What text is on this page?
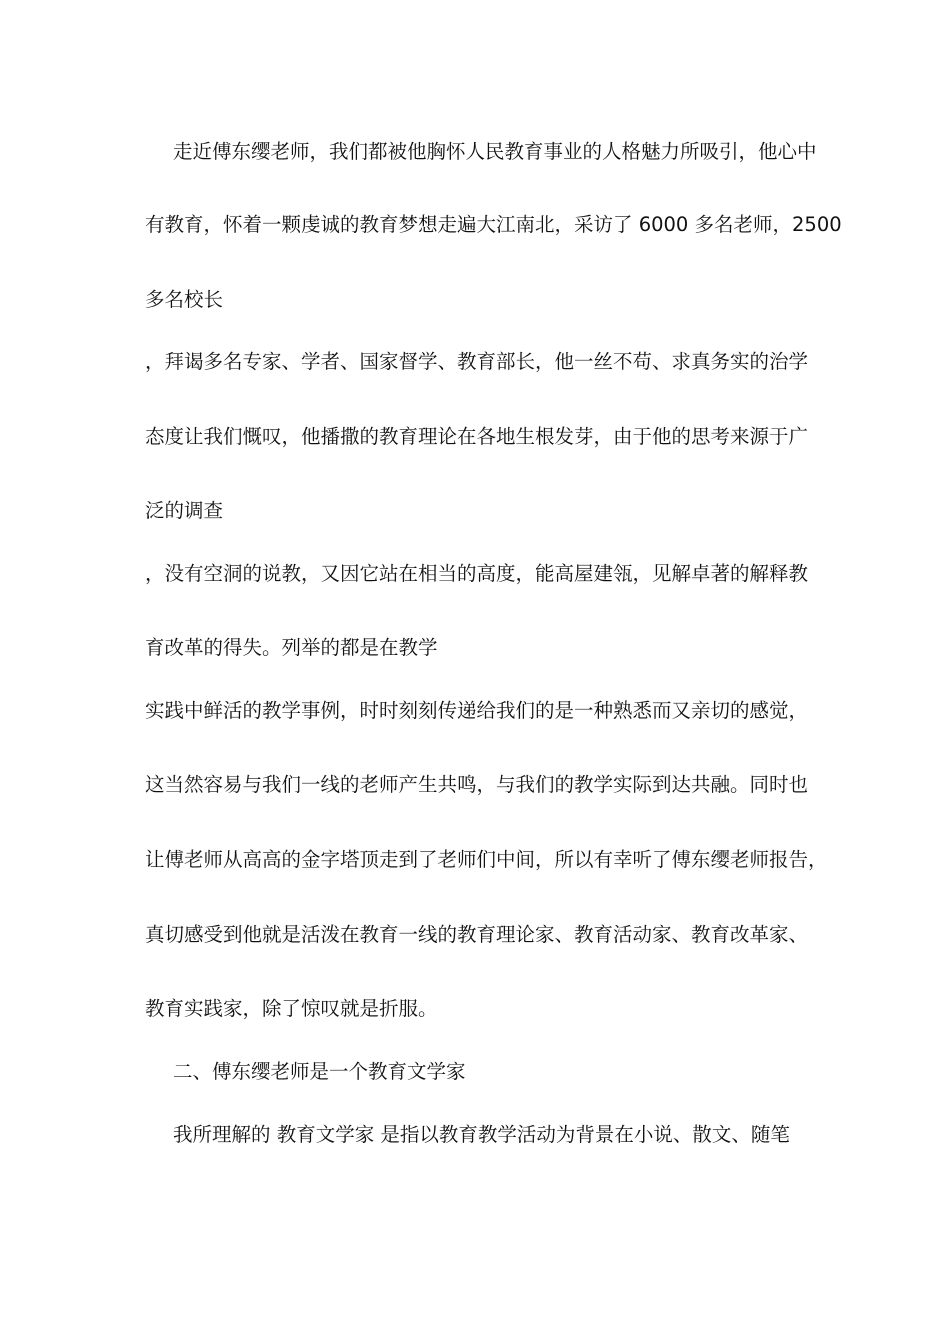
走近傅东缨老师，我们都被他胸怀人民教育事业的人格魅力所吸引，他心中
有教育，怀着一颗虔诚的教育梦想走遍大江南北，采访了 6000 多名老师，2500
多名校长
，拜谒多名专家、学者、国家督学、教育部长，他一丝不苟、求真务实的治学
态度让我们慨叹，他播撒的教育理论在各地生根发芽，由于他的思考来源于广
泛的调查
，没有空洞的说教，又因它站在相当的高度，能高屋建瓴，见解卓著的解释教
育改革的得失。列举的都是在教学
实践中鲜活的教学事例，时时刻刻传递给我们的是一种熟悉而又亲切的感觉，
这当然容易与我们一线的老师产生共鸣，与我们的教学实际到达共融。同时也
让傅老师从高高的金字塔顶走到了老师们中间，所以有幸听了傅东缨老师报告，
真切感受到他就是活泼在教育一线的教育理论家、教育活动家、教育改革家、
教育实践家，除了惊叹就是折服。
二、傅东缨老师是一个教育文学家
我所理解的 教育文学家 是指以教育教学活动为背景在小说、散文、随笔
